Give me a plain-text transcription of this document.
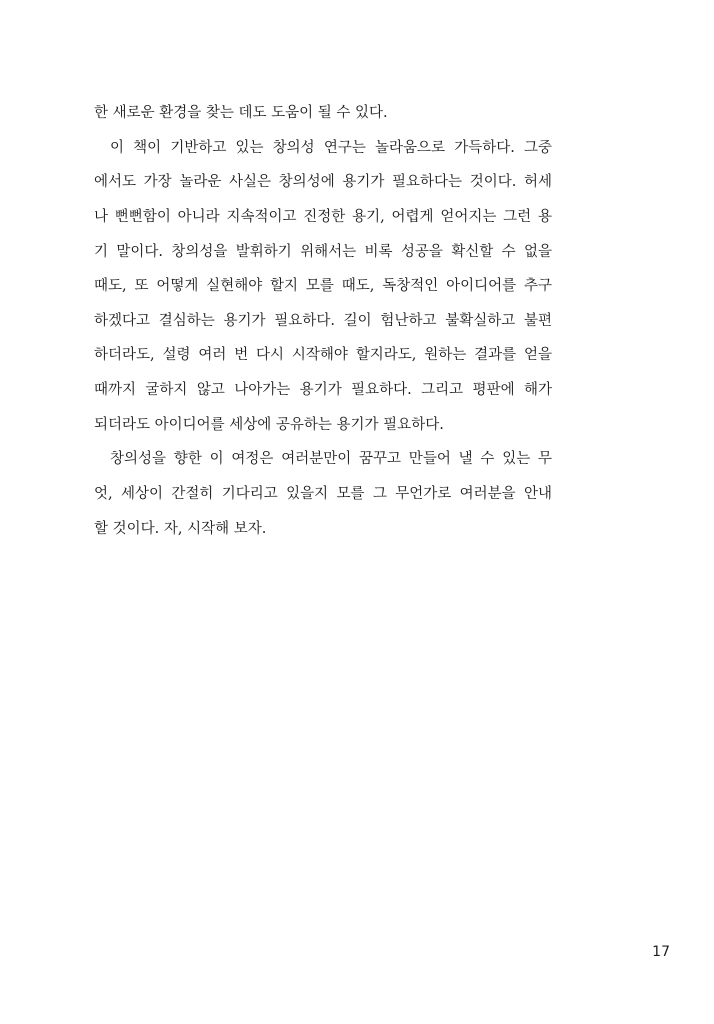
한 새로운 환경을 찾는 데도 도움이 될 수 있다.
이 책이 기반하고 있는 창의성 연구는 놀라움으로 가득하다. 그중
에서도 가장 놀라운 사실은 창의성에 용기가 필요하다는 것이다. 허세
나 뻔뻔함이 아니라 지속적이고 진정한 용기, 어렵게 얻어지는 그런 용
기 말이다. 창의성을 발휘하기 위해서는 비록 성공을 확신할 수 없을
때도, 또 어떻게 실현해야 할지 모를 때도, 독창적인 아이디어를 추구
하겠다고 결심하는 용기가 필요하다. 길이 험난하고 불확실하고 불편
하더라도, 설령 여러 번 다시 시작해야 할지라도, 원하는 결과를 얻을
때까지 굴하지 않고 나아가는 용기가 필요하다. 그리고 평판에 해가
되더라도 아이디어를 세상에 공유하는 용기가 필요하다.
창의성을 향한 이 여정은 여러분만이 꿈꾸고 만들어 낼 수 있는 무
엇, 세상이 간절히 기다리고 있을지 모를 그 무언가로 여러분을 안내
할 것이다. 자, 시작해 보자.
17
